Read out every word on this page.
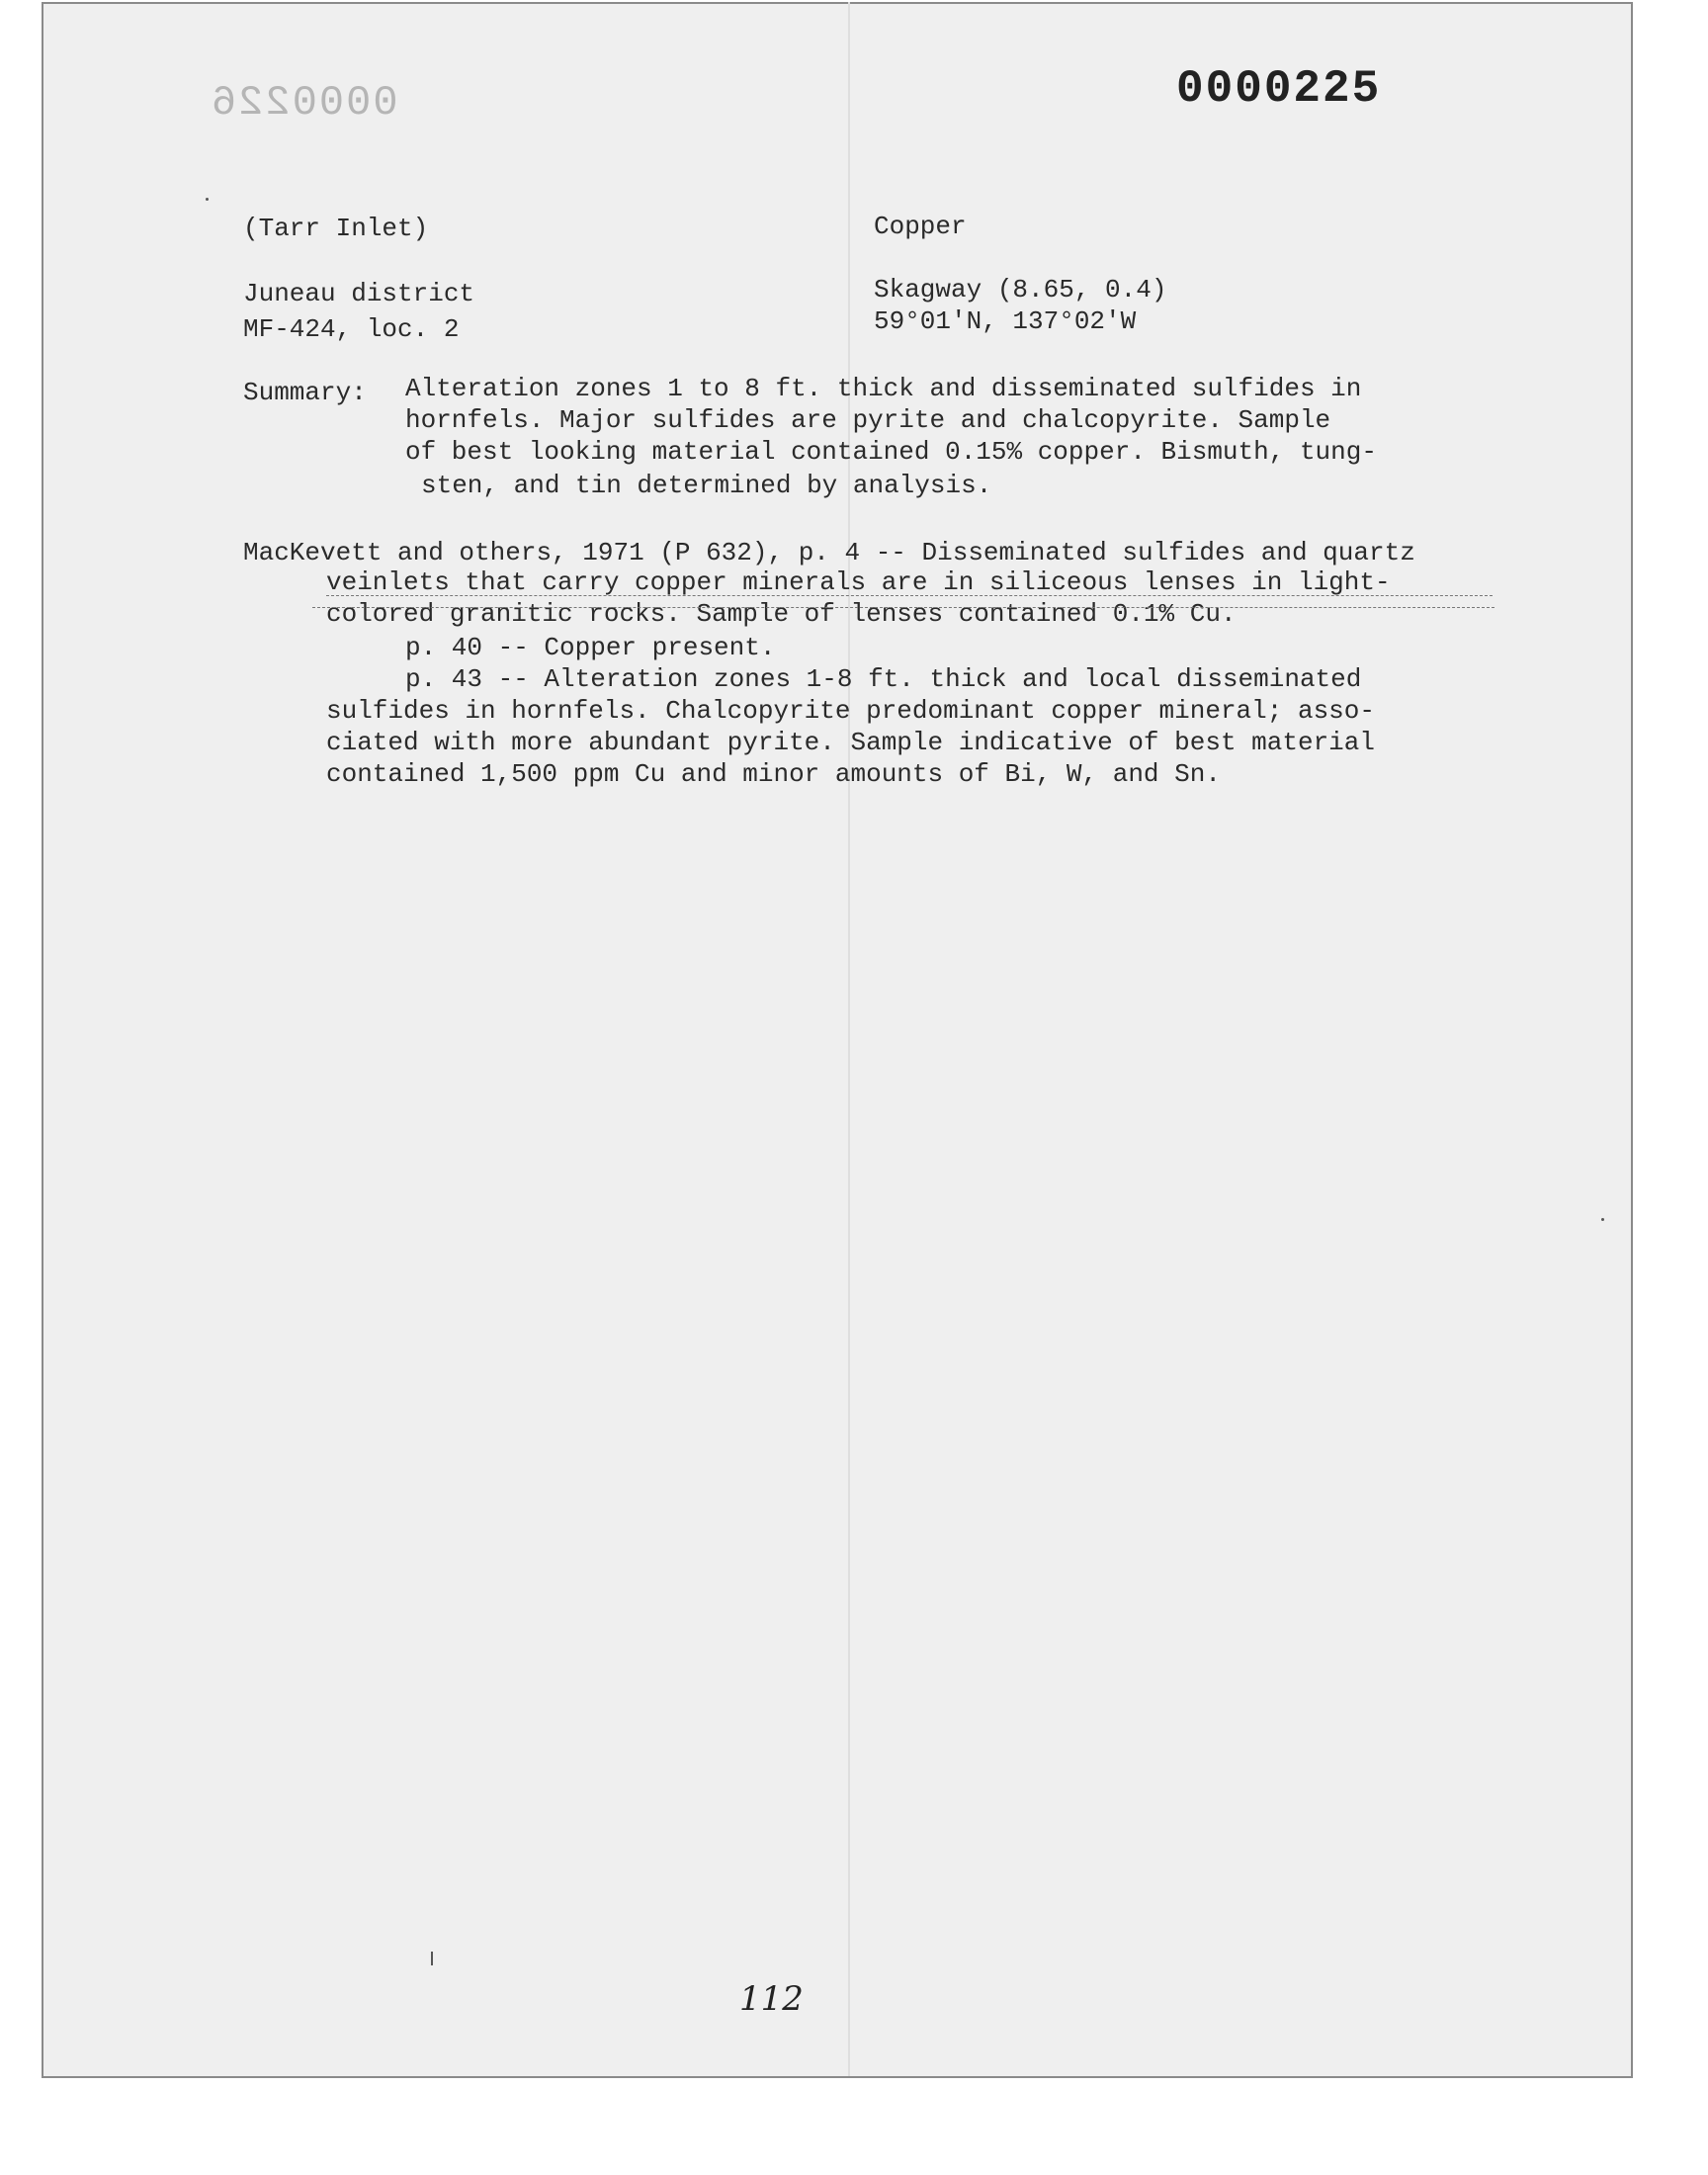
0000226	0000225
(Tarr Inlet)
Juneau district
MF-424, loc. 2
Copper
Skagway (8.65, 0.4)
59°01'N, 137°02'W
Summary: Alteration zones 1 to 8 ft. thick and disseminated sulfides in
hornfels. Major sulfides are pyrite and chalcopyrite. Sample
of best looking material contained 0.15% copper. Bismuth, tung-
sten, and tin determined by analysis.
MacKevett and others, 1971 (P 632), p. 4 -- Disseminated sulfides and quartz
veinlets that carry copper minerals are in siliceous lenses in light-
colored granitic rocks. Sample of lenses contained 0.1% Cu.
p. 40 -- Copper present.
p. 43 -- Alteration zones 1-8 ft. thick and local disseminated
sulfides in hornfels. Chalcopyrite predominant copper mineral; asso-
ciated with more abundant pyrite. Sample indicative of best material
contained 1,500 ppm Cu and minor amounts of Bi, W, and Sn.
112
